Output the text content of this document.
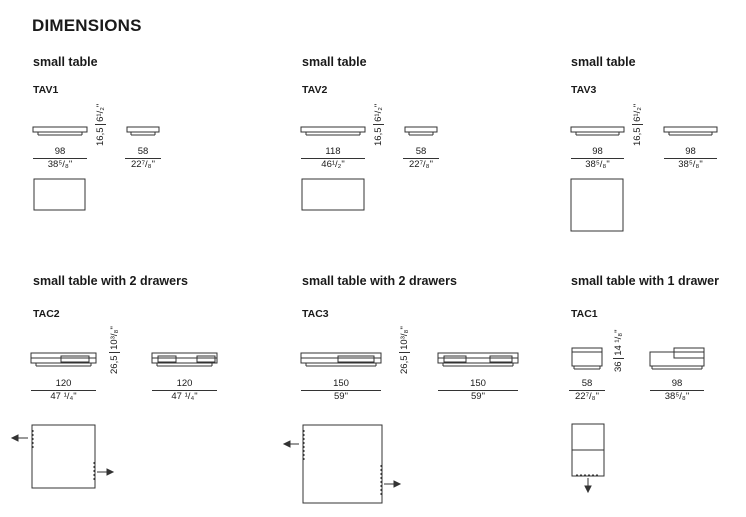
DIMENSIONS
small table
TAV1
16,5 6¹/₂"
98
38⁵/₈"
58
22⁷/₈"
small table
TAV2
16,5 6¹/₂"
118
46¹/₂"
58
22⁷/₈"
small table
TAV3
16,5 6¹/₂"
98
38⁵/₈"
98
38⁵/₈"
small table with 2 drawers
TAC2
26,5 10³/₈"
120
47 ¹/₄"
120
47 ¹/₄"
small table with 2 drawers
TAC3
26,5 10³/₈"
150
59"
150
59"
small table with 1 drawer
TAC1
36 14 ¹/₈"
58
22⁷/₈"
98
38⁵/₈"
